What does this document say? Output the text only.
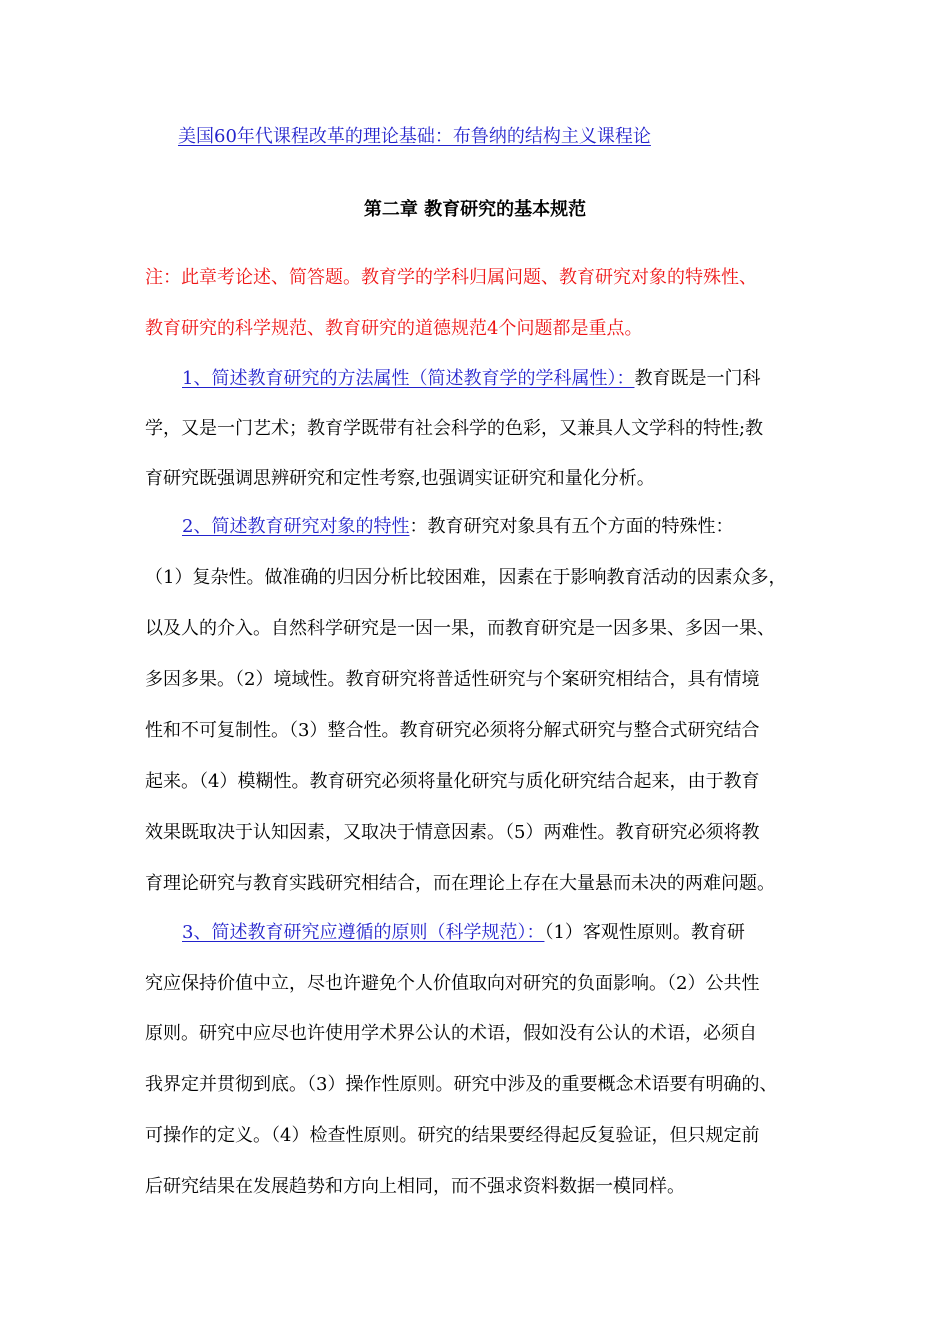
美国60年代课程改革的理论基础：布鲁纳的结构主义课程论
第二章 教育研究的基本规范
注：此章考论述、简答题。教育学的学科归属问题、教育研究对象的特殊性、
教育研究的科学规范、教育研究的道德规范4个问题都是重点。
1、简述教育研究的方法属性（简述教育学的学科属性）：教育既是一门科
学，又是一门艺术；教育学既带有社会科学的色彩，又兼具人文学科的特性;教
育研究既强调思辨研究和定性考察,也强调实证研究和量化分析。
2、简述教育研究对象的特性：教育研究对象具有五个方面的特殊性：
（1）复杂性。做准确的归因分析比较困难，因素在于影响教育活动的因素众多，
以及人的介入。自然科学研究是一因一果，而教育研究是一因多果、多因一果、
多因多果。（2）境域性。教育研究将普适性研究与个案研究相结合，具有情境
性和不可复制性。（3）整合性。教育研究必须将分解式研究与整合式研究结合
起来。（4）模糊性。教育研究必须将量化研究与质化研究结合起来，由于教育
效果既取决于认知因素，又取决于情意因素。（5）两难性。教育研究必须将教
育理论研究与教育实践研究相结合，而在理论上存在大量悬而未决的两难问题。
3、简述教育研究应遵循的原则（科学规范）：（1）客观性原则。教育研
究应保持价值中立，尽也许避免个人价值取向对研究的负面影响。（2）公共性
原则。研究中应尽也许使用学术界公认的术语，假如没有公认的术语，必须自
我界定并贯彻到底。（3）操作性原则。研究中涉及的重要概念术语要有明确的、
可操作的定义。（4）检查性原则。研究的结果要经得起反复验证，但只规定前
后研究结果在发展趋势和方向上相同，而不强求资料数据一模同样。
